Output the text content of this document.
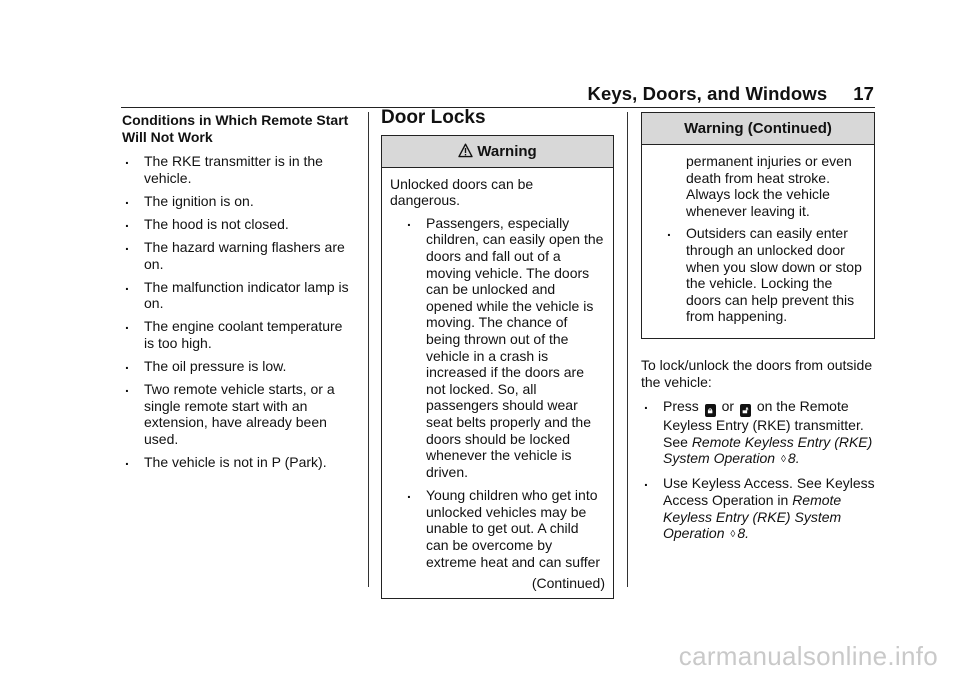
Keys, Doors, and Windows 17
Conditions in Which Remote Start Will Not Work
. The RKE transmitter is in the vehicle.
. The ignition is on.
. The hood is not closed.
. The hazard warning flashers are on.
. The malfunction indicator lamp is on.
. The engine coolant temperature is too high.
. The oil pressure is low.
. Two remote vehicle starts, or a single remote start with an extension, have already been used.
. The vehicle is not in P (Park).
Door Locks
Warning
Unlocked doors can be dangerous.
. Passengers, especially children, can easily open the doors and fall out of a moving vehicle. The doors can be unlocked and opened while the vehicle is moving. The chance of being thrown out of the vehicle in a crash is increased if the doors are not locked. So, all passengers should wear seat belts properly and the doors should be locked whenever the vehicle is driven.
. Young children who get into unlocked vehicles may be unable to get out. A child can be overcome by extreme heat and can suffer
(Continued)
Warning (Continued)
permanent injuries or even death from heat stroke. Always lock the vehicle whenever leaving it.
. Outsiders can easily enter through an unlocked door when you slow down or stop the vehicle. Locking the doors can help prevent this from happening.

To lock/unlock the doors from outside the vehicle:

. Press 🔒︎ or 🔓︎ on the Remote Keyless Entry (RKE) transmitter. See Remote Keyless Entry (RKE) System Operation ◊ 8.
. Use Keyless Access. See Keyless Access Operation in Remote Keyless Entry (RKE) System Operation ◊ 8.
carmanualsonline.info
